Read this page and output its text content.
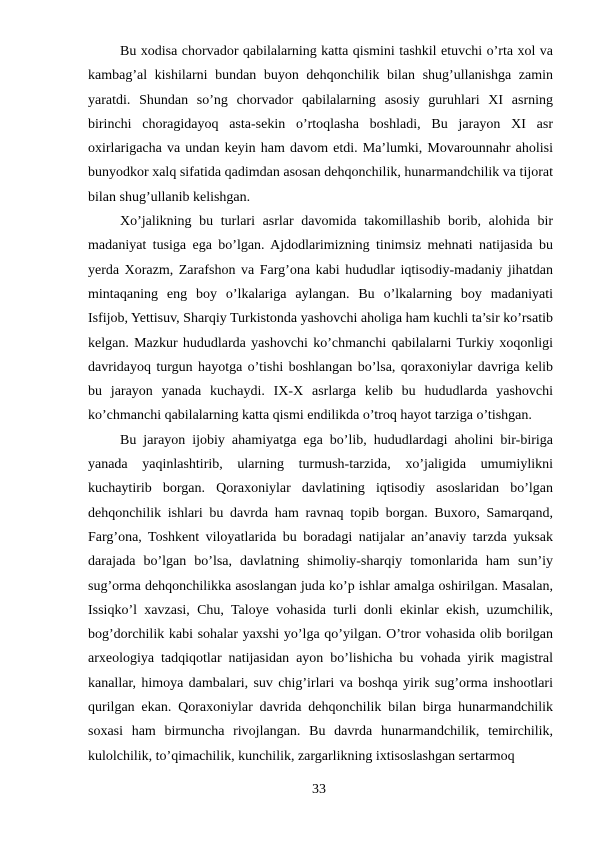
Bu xodisa chorvador qabilalarning katta qismini tashkil etuvchi o’rta xol va kambag’al kishilarni bundan buyon dehqonchilik bilan shug’ullanishga zamin yaratdi. Shundan so’ng chorvador qabilalarning asosiy guruhlari XI asrning birinchi choragidayoq asta-sekin o’rtoqlasha boshladi, Bu jarayon XI asr oxirlarigacha va undan keyin ham davom etdi. Ma’lumki, Movarounnahr aholisi bunyodkor xalq sifatida qadimdan asosan dehqonchilik, hunarmandchilik va tijorat bilan shug’ullanib kelishgan.

Xo’jalikning bu turlari asrlar davomida takomillashib borib, alohida bir madaniyat tusiga ega bo’lgan. Ajdodlarimizning tinimsiz mehnati natijasida bu yerda Xorazm, Zarafshon va Farg’ona kabi hududlar iqtisodiy-madaniy jihatdan mintaqaning eng boy o’lkalariga aylangan. Bu o’lkalarning boy madaniyati Isfijob, Yettisuv, Sharqiy Turkistonda yashovchi aholiga ham kuchli ta’sir ko’rsatib kelgan. Mazkur hududlarda yashovchi ko’chmanchi qabilalarni Turkiy xoqonligi davridayoq turgun hayotga o’tishi boshlangan bo’lsa, qoraxoniylar davriga kelib bu jarayon yanada kuchaydi. IX-X asrlarga kelib bu hududlarda yashovchi ko’chmanchi qabilalarning katta qismi endilikda o’troq hayot tarziga o’tishgan.

Bu jarayon ijobiy ahamiyatga ega bo’lib, hududlardagi aholini bir-biriga yanada yaqinlashtirib, ularning turmush-tarzida, xo’jaligida umumiylikni kuchaytirib borgan. Qoraxoniylar davlatining iqtisodiy asoslaridan bo’lgan dehqonchilik ishlari bu davrda ham ravnaq topib borgan. Buxoro, Samarqand, Farg’ona, Toshkent viloyatlarida bu boradagi natijalar an’anaviy tarzda yuksak darajada bo’lgan bo’lsa, davlatning shimoliy-sharqiy tomonlarida ham sun’iy sug’orma dehqonchilikka asoslangan juda ko’p ishlar amalga oshirilgan. Masalan, Issiqko’l xavzasi, Chu, Taloye vohasida turli donli ekinlar ekish, uzumchilik, bog’dorchilik kabi sohalar yaxshi yo’lga qo’yilgan. O’tror vohasida olib borilgan arxeologiya tadqiqotlar natijasidan ayon bo’lishicha bu vohada yirik magistral kanallar, himoya dambalari, suv chig’irlari va boshqa yirik sug’orma inshootlari qurilgan ekan. Qoraxoniylar davrida dehqonchilik bilan birga hunarmandchilik soxasi ham birmuncha rivojlangan. Bu davrda hunarmandchilik, temirchilik, kulolchilik, to’qimachilik, kunchilik, zargarlikning ixtisoslashgan sertarmoq

33
